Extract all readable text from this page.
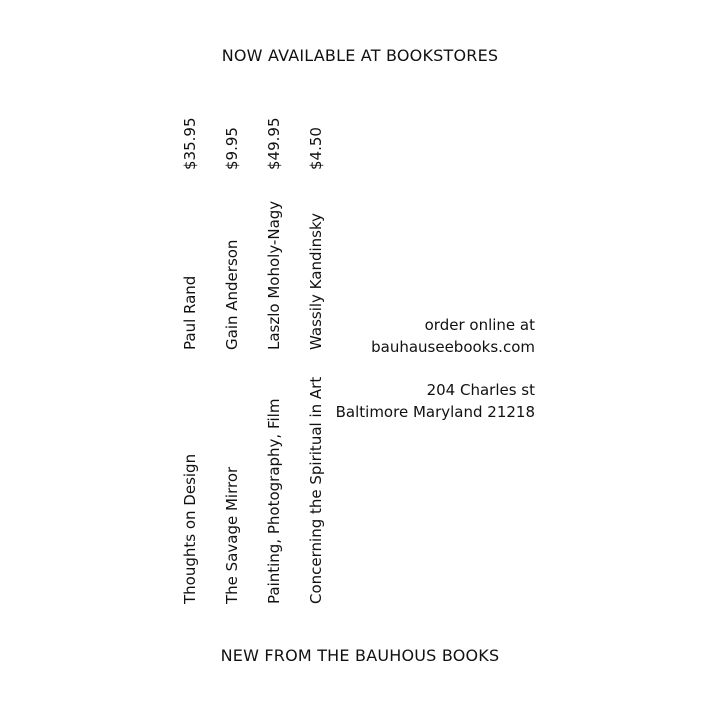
NOW AVAILABLE AT BOOKSTORES
$35.95
Paul Rand
Thoughts on Design
$9.95
Gain Anderson
The Savage Mirror
$49.95
Laszlo Moholy-Nagy
Painting, Photography, Film
$4.50
Wassily Kandinsky
Concerning the Spiritual in Art
order online at
bauhauseebooks.com
204 Charles st
Baltimore Maryland 21218
NEW FROM THE BAUHOUS BOOKS
